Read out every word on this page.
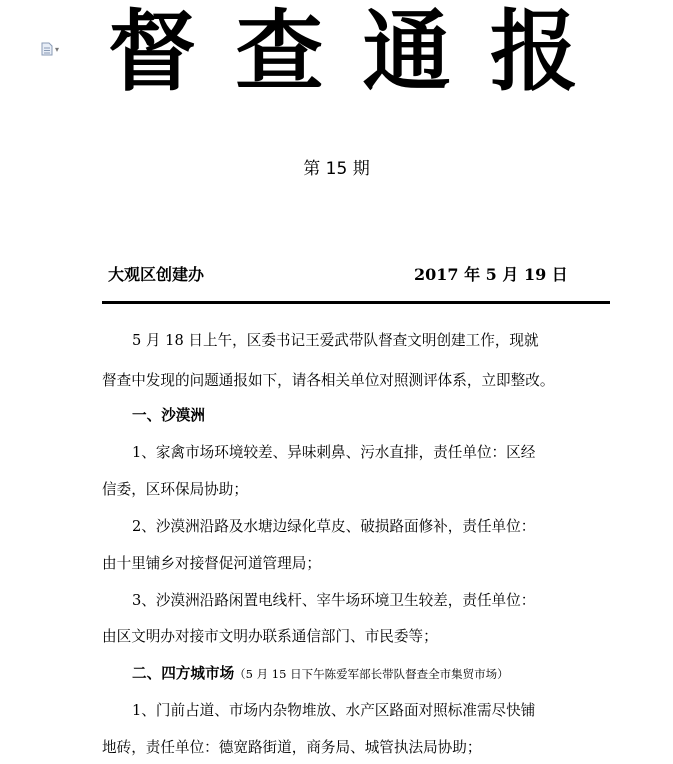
▾ 督 查 通 报
第 15 期
大观区创建办	2017 年 5 月 19 日
5 月 18 日上午，区委书记王爱武带队督查文明创建工作，现就
督查中发现的问题通报如下，请各相关单位对照测评体系，立即整改。
一、沙漠洲
1、家禽市场环境较差、异味刺鼻、污水直排，责任单位：区经
信委，区环保局协助；
2、沙漠洲沿路及水塘边绿化草皮、破损路面修补，责任单位：
由十里铺乡对接督促河道管理局；
3、沙漠洲沿路闲置电线杆、宰牛场环境卫生较差，责任单位：
由区文明办对接市文明办联系通信部门、市民委等；
二、四方城市场（5 月 15 日下午陈爱军部长带队督查全市集贸市场）
1、门前占道、市场内杂物堆放、水产区路面对照标准需尽快铺
地砖，责任单位：德宽路街道，商务局、城管执法局协助；
